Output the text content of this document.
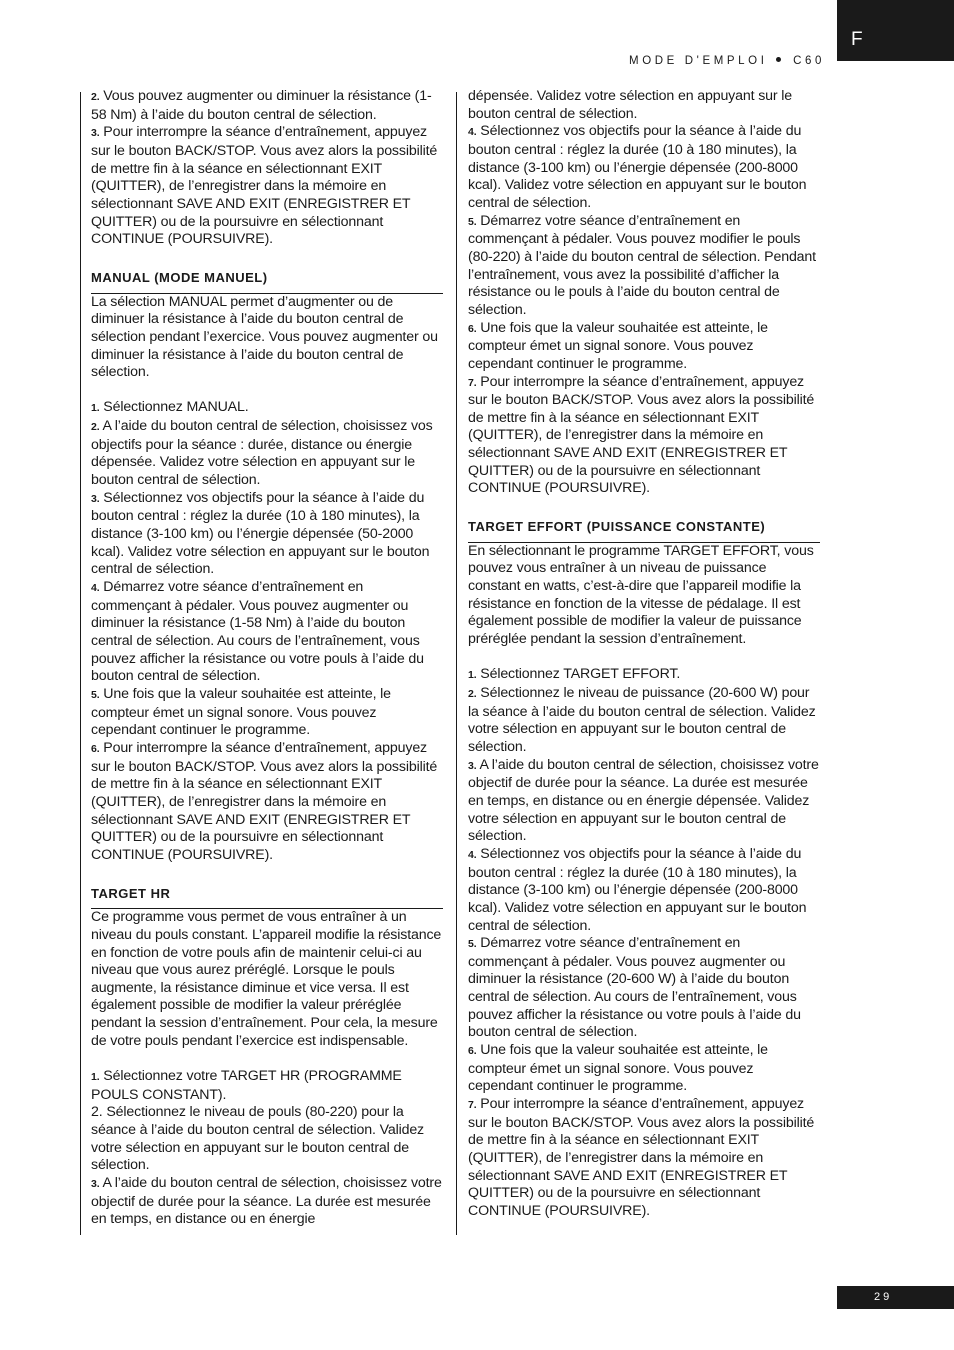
F
MODE D'EMPLOI C60

2. Vous pouvez augmenter ou diminuer la résistance (1-58 Nm) à l’aide du bouton central de sélection.

3. Pour interrompre la séance d’entraînement, appuyez sur le bouton BACK/STOP. Vous avez alors la possibilité de mettre fin à la séance en sélectionnant EXIT (QUITTER), de l’enregistrer dans la mémoire en sélectionnant SAVE AND EXIT (ENREGISTRER ET QUITTER) ou de la poursuivre en sélectionnant CONTINUE (POURSUIVRE).

MANUAL (MODE MANUEL)

La sélection MANUAL permet d’augmenter ou de diminuer la résistance à l’aide du bouton central de sélection pendant l’exercice. Vous pouvez augmenter ou diminuer la résistance à l’aide du bouton central de sélection.

1. Sélectionnez MANUAL.

2. A l’aide du bouton central de sélection, choisissez vos objectifs pour la séance : durée, distance ou énergie dépensée. Validez votre sélection en appuyant sur le bouton central de sélection.

3. Sélectionnez vos objectifs pour la séance à l’aide du bouton central : réglez la durée (10 à 180 minutes), la distance (3-100 km) ou l’énergie dépensée (50-2000 kcal). Validez votre sélection en appuyant sur le bouton central de sélection.

4. Démarrez votre séance d’entraînement en commençant à pédaler. Vous pouvez augmenter ou diminuer la résistance (1-58 Nm) à l’aide du bouton central de sélection. Au cours de l’entraînement, vous pouvez afficher la résistance ou votre pouls à l’aide du bouton central de sélection.

5. Une fois que la valeur souhaitée est atteinte, le compteur émet un signal sonore. Vous pouvez cependant continuer le programme.

6. Pour interrompre la séance d’entraînement, appuyez sur le bouton BACK/STOP. Vous avez alors la possibilité de mettre fin à la séance en sélectionnant EXIT (QUITTER), de l’enregistrer dans la mémoire en sélectionnant SAVE AND EXIT (ENREGISTRER ET QUITTER) ou de la poursuivre en sélectionnant CONTINUE (POURSUIVRE).

TARGET HR

Ce programme vous permet de vous entraîner à un niveau du pouls constant. L’appareil modifie la résistance en fonction de votre pouls afin de maintenir celui-ci au niveau que vous aurez préréglé. Lorsque le pouls augmente, la résistance diminue et vice versa. Il est également possible de modifier la valeur préréglée pendant la session d’entraînement. Pour cela, la mesure de votre pouls pendant l’exercice est indispensable.

1. Sélectionnez votre TARGET HR (PROGRAMME POULS CONSTANT).

2. Sélectionnez le niveau de pouls (80-220) pour la séance à l’aide du bouton central de sélection. Validez votre sélection en appuyant sur le bouton central de sélection.

3. A l’aide du bouton central de sélection, choisissez votre objectif de durée pour la séance. La durée est mesurée en temps, en distance ou en énergie

dépensée. Validez votre sélection en appuyant sur le bouton central de sélection.

4. Sélectionnez vos objectifs pour la séance à l’aide du bouton central : réglez la durée (10 à 180 minutes), la distance (3-100 km) ou l’énergie dépensée (200-8000 kcal). Validez votre sélection en appuyant sur le bouton central de sélection.

5. Démarrez votre séance d’entraînement en commençant à pédaler. Vous pouvez modifier le pouls (80-220) à l’aide du bouton central de sélection. Pendant l’entraînement, vous avez la possibilité d’afficher la résistance ou le pouls à l’aide du bouton central de sélection.

6. Une fois que la valeur souhaitée est atteinte, le compteur émet un signal sonore. Vous pouvez cependant continuer le programme.

7. Pour interrompre la séance d’entraînement, appuyez sur le bouton BACK/STOP. Vous avez alors la possibilité de mettre fin à la séance en sélectionnant EXIT (QUITTER), de l’enregistrer dans la mémoire en sélectionnant SAVE AND EXIT (ENREGISTRER ET QUITTER) ou de la poursuivre en sélectionnant CONTINUE (POURSUIVRE).

TARGET EFFORT (PUISSANCE CONSTANTE)

En sélectionnant le programme TARGET EFFORT, vous pouvez vous entraîner à un niveau de puissance constant en watts, c’est-à-dire que l’appareil modifie la résistance en fonction de la vitesse de pédalage. Il est également possible de modifier la valeur de puissance préréglée pendant la session d’entraînement.

1. Sélectionnez TARGET EFFORT.

2. Sélectionnez le niveau de puissance (20-600 W) pour la séance à l’aide du bouton central de sélection. Validez votre sélection en appuyant sur le bouton central de sélection.

3. A l’aide du bouton central de sélection, choisissez votre objectif de durée pour la séance. La durée est mesurée en temps, en distance ou en énergie dépensée. Validez votre sélection en appuyant sur le bouton central de sélection.

4. Sélectionnez vos objectifs pour la séance à l’aide du bouton central : réglez la durée (10 à 180 minutes), la distance (3-100 km) ou l’énergie dépensée (200-8000 kcal). Validez votre sélection en appuyant sur le bouton central de sélection.

5. Démarrez votre séance d’entraînement en commençant à pédaler. Vous pouvez augmenter ou diminuer la résistance (20-600 W) à l’aide du bouton central de sélection. Au cours de l’entraînement, vous pouvez afficher la résistance ou votre pouls à l’aide du bouton central de sélection.

6. Une fois que la valeur souhaitée est atteinte, le compteur émet un signal sonore. Vous pouvez cependant continuer le programme.

7. Pour interrompre la séance d’entraînement, appuyez sur le bouton BACK/STOP. Vous avez alors la possibilité de mettre fin à la séance en sélectionnant EXIT (QUITTER), de l’enregistrer dans la mémoire en sélectionnant SAVE AND EXIT (ENREGISTRER ET QUITTER) ou de la poursuivre en sélectionnant CONTINUE (POURSUIVRE).

29
